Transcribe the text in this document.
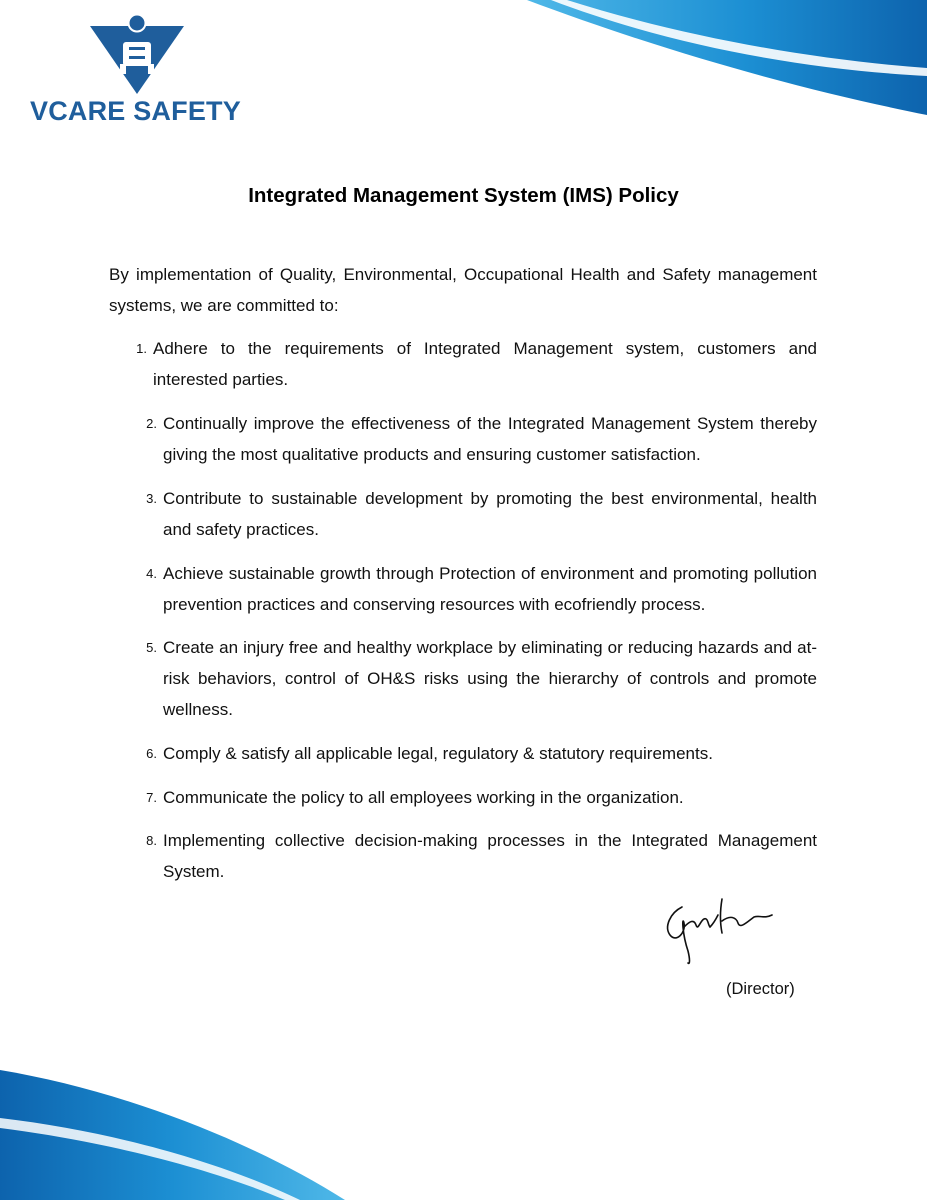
VCARE SAFETY
Integrated Management System (IMS) Policy
By implementation of Quality, Environmental, Occupational Health and Safety management systems, we are committed to:
1. Adhere to the requirements of Integrated Management system, customers and interested parties.
2. Continually improve the effectiveness of the Integrated Management System thereby giving the most qualitative products and ensuring customer satisfaction.
3. Contribute to sustainable development by promoting the best environmental, health and safety practices.
4. Achieve sustainable growth through Protection of environment and promoting pollution prevention practices and conserving resources with ecofriendly process.
5. Create an injury free and healthy workplace by eliminating or reducing hazards and at-risk behaviors, control of OH&S risks using the hierarchy of controls and promote wellness.
6. Comply & satisfy all applicable legal, regulatory & statutory requirements.
7. Communicate the policy to all employees working in the organization.
8. Implementing collective decision-making processes in the Integrated Management System.
(Director)
